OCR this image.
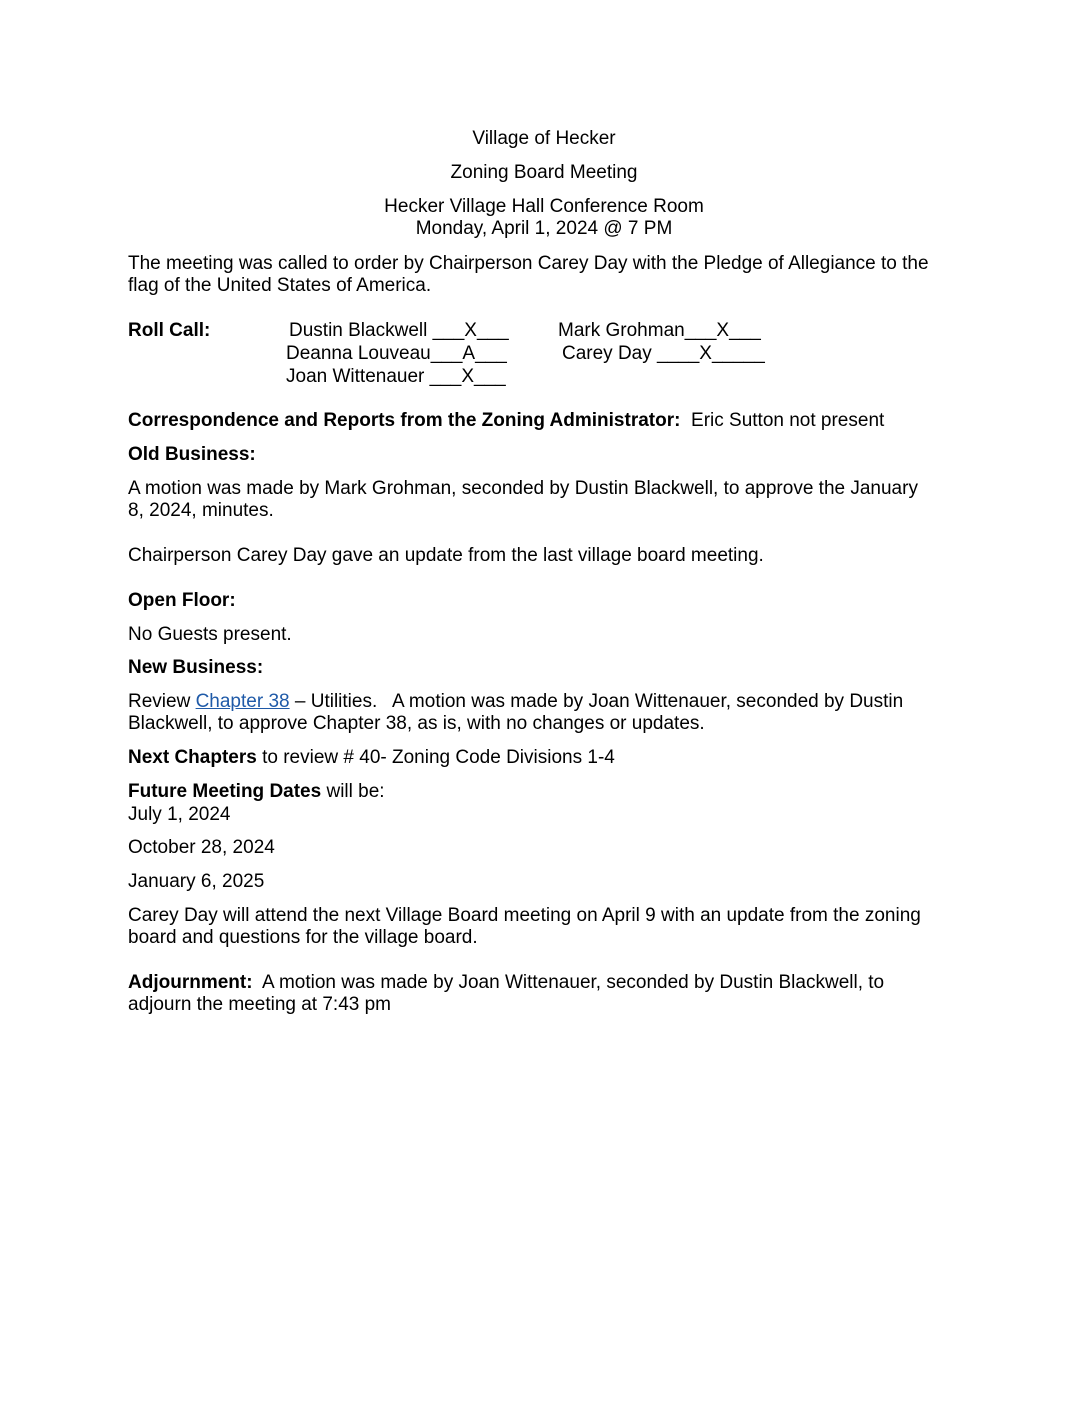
Village of Hecker
Zoning Board Meeting
Hecker Village Hall Conference Room
Monday, April 1, 2024 @ 7 PM
The meeting was called to order by Chairperson Carey Day with the Pledge of Allegiance to the
flag of the United States of America.
Roll Call:	Dustin Blackwell ___X___
Deanna Louveau___A___
Joan Wittenauer ___X___
Mark Grohman___X___
Carey Day ____X_____
Correspondence and Reports from the Zoning Administrator: Eric Sutton not present
Old Business:
A motion was made by Mark Grohman, seconded by Dustin Blackwell, to approve the January
8, 2024, minutes.
Chairperson Carey Day gave an update from the last village board meeting.
Open Floor:
No Guests present.
New Business:
Review Chapter 38 – Utilities.   A motion was made by Joan Wittenauer, seconded by Dustin
Blackwell, to approve Chapter 38, as is, with no changes or updates.
Next Chapters to review # 40- Zoning Code Divisions 1-4
Future Meeting Dates will be:
July 1, 2024
October 28, 2024
January 6, 2025
Carey Day will attend the next Village Board meeting on April 9 with an update from the zoning
board and questions for the village board.
Adjournment:  A motion was made by Joan Wittenauer, seconded by Dustin Blackwell, to
adjourn the meeting at 7:43 pm
